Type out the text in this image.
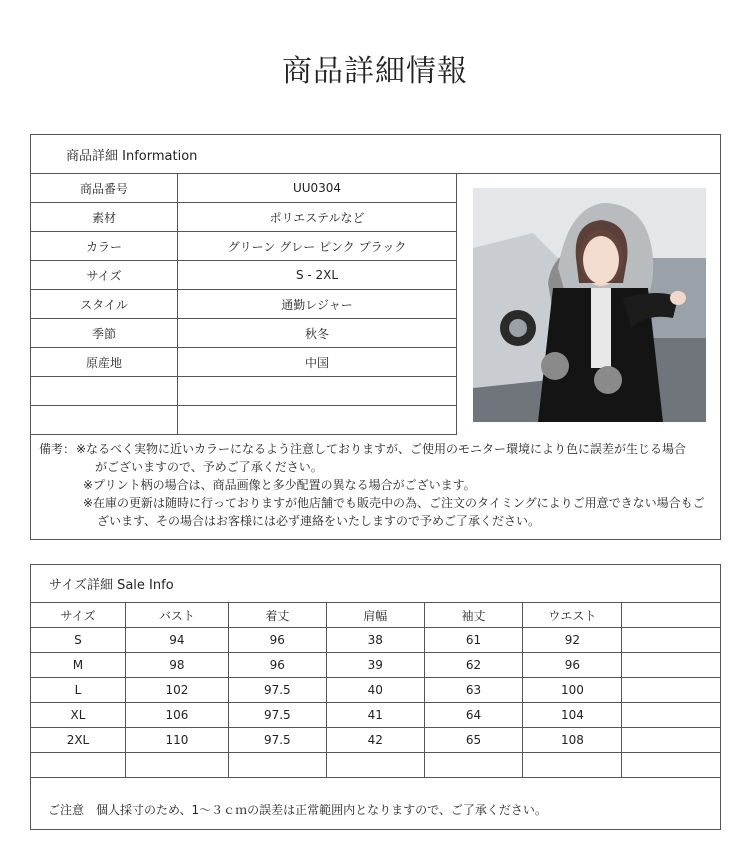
商品詳細情報
商品詳細 Information
商品番号	UU0304
素材	ポリエステルなど
カラー	グリーン グレー ピンク ブラック
サイズ	S - 2XL
スタイル	通勤レジャー
季節	秋冬
原産地	中国

備考： ※なるべく実物に近いカラーになるよう注意しておりますが、ご使用のモニター環境により色に誤差が生じる場合
がございますので、予めご了承ください。
※プリント柄の場合は、商品画像と多少配置の異なる場合がございます。
※在庫の更新は随時に行っておりますが他店舗でも販売中の為、ご注文のタイミングによりご用意できない場合もご
ざいます、その場合はお客様には必ず連絡をいたしますので予めご了承ください。
サイズ詳細 Sale Info
サイズ	バスト	着丈	肩幅	袖丈	ウエスト	
S	94	96	38	61	92	
M	98	96	39	62	96	
L	102	97.5	40	63	100	
XL	106	97.5	41	64	104	
2XL	110	97.5	42	65	108	

ご注意　個人採寸のため、1～３ｃｍの誤差は正常範囲内となりますので、ご了承ください。
